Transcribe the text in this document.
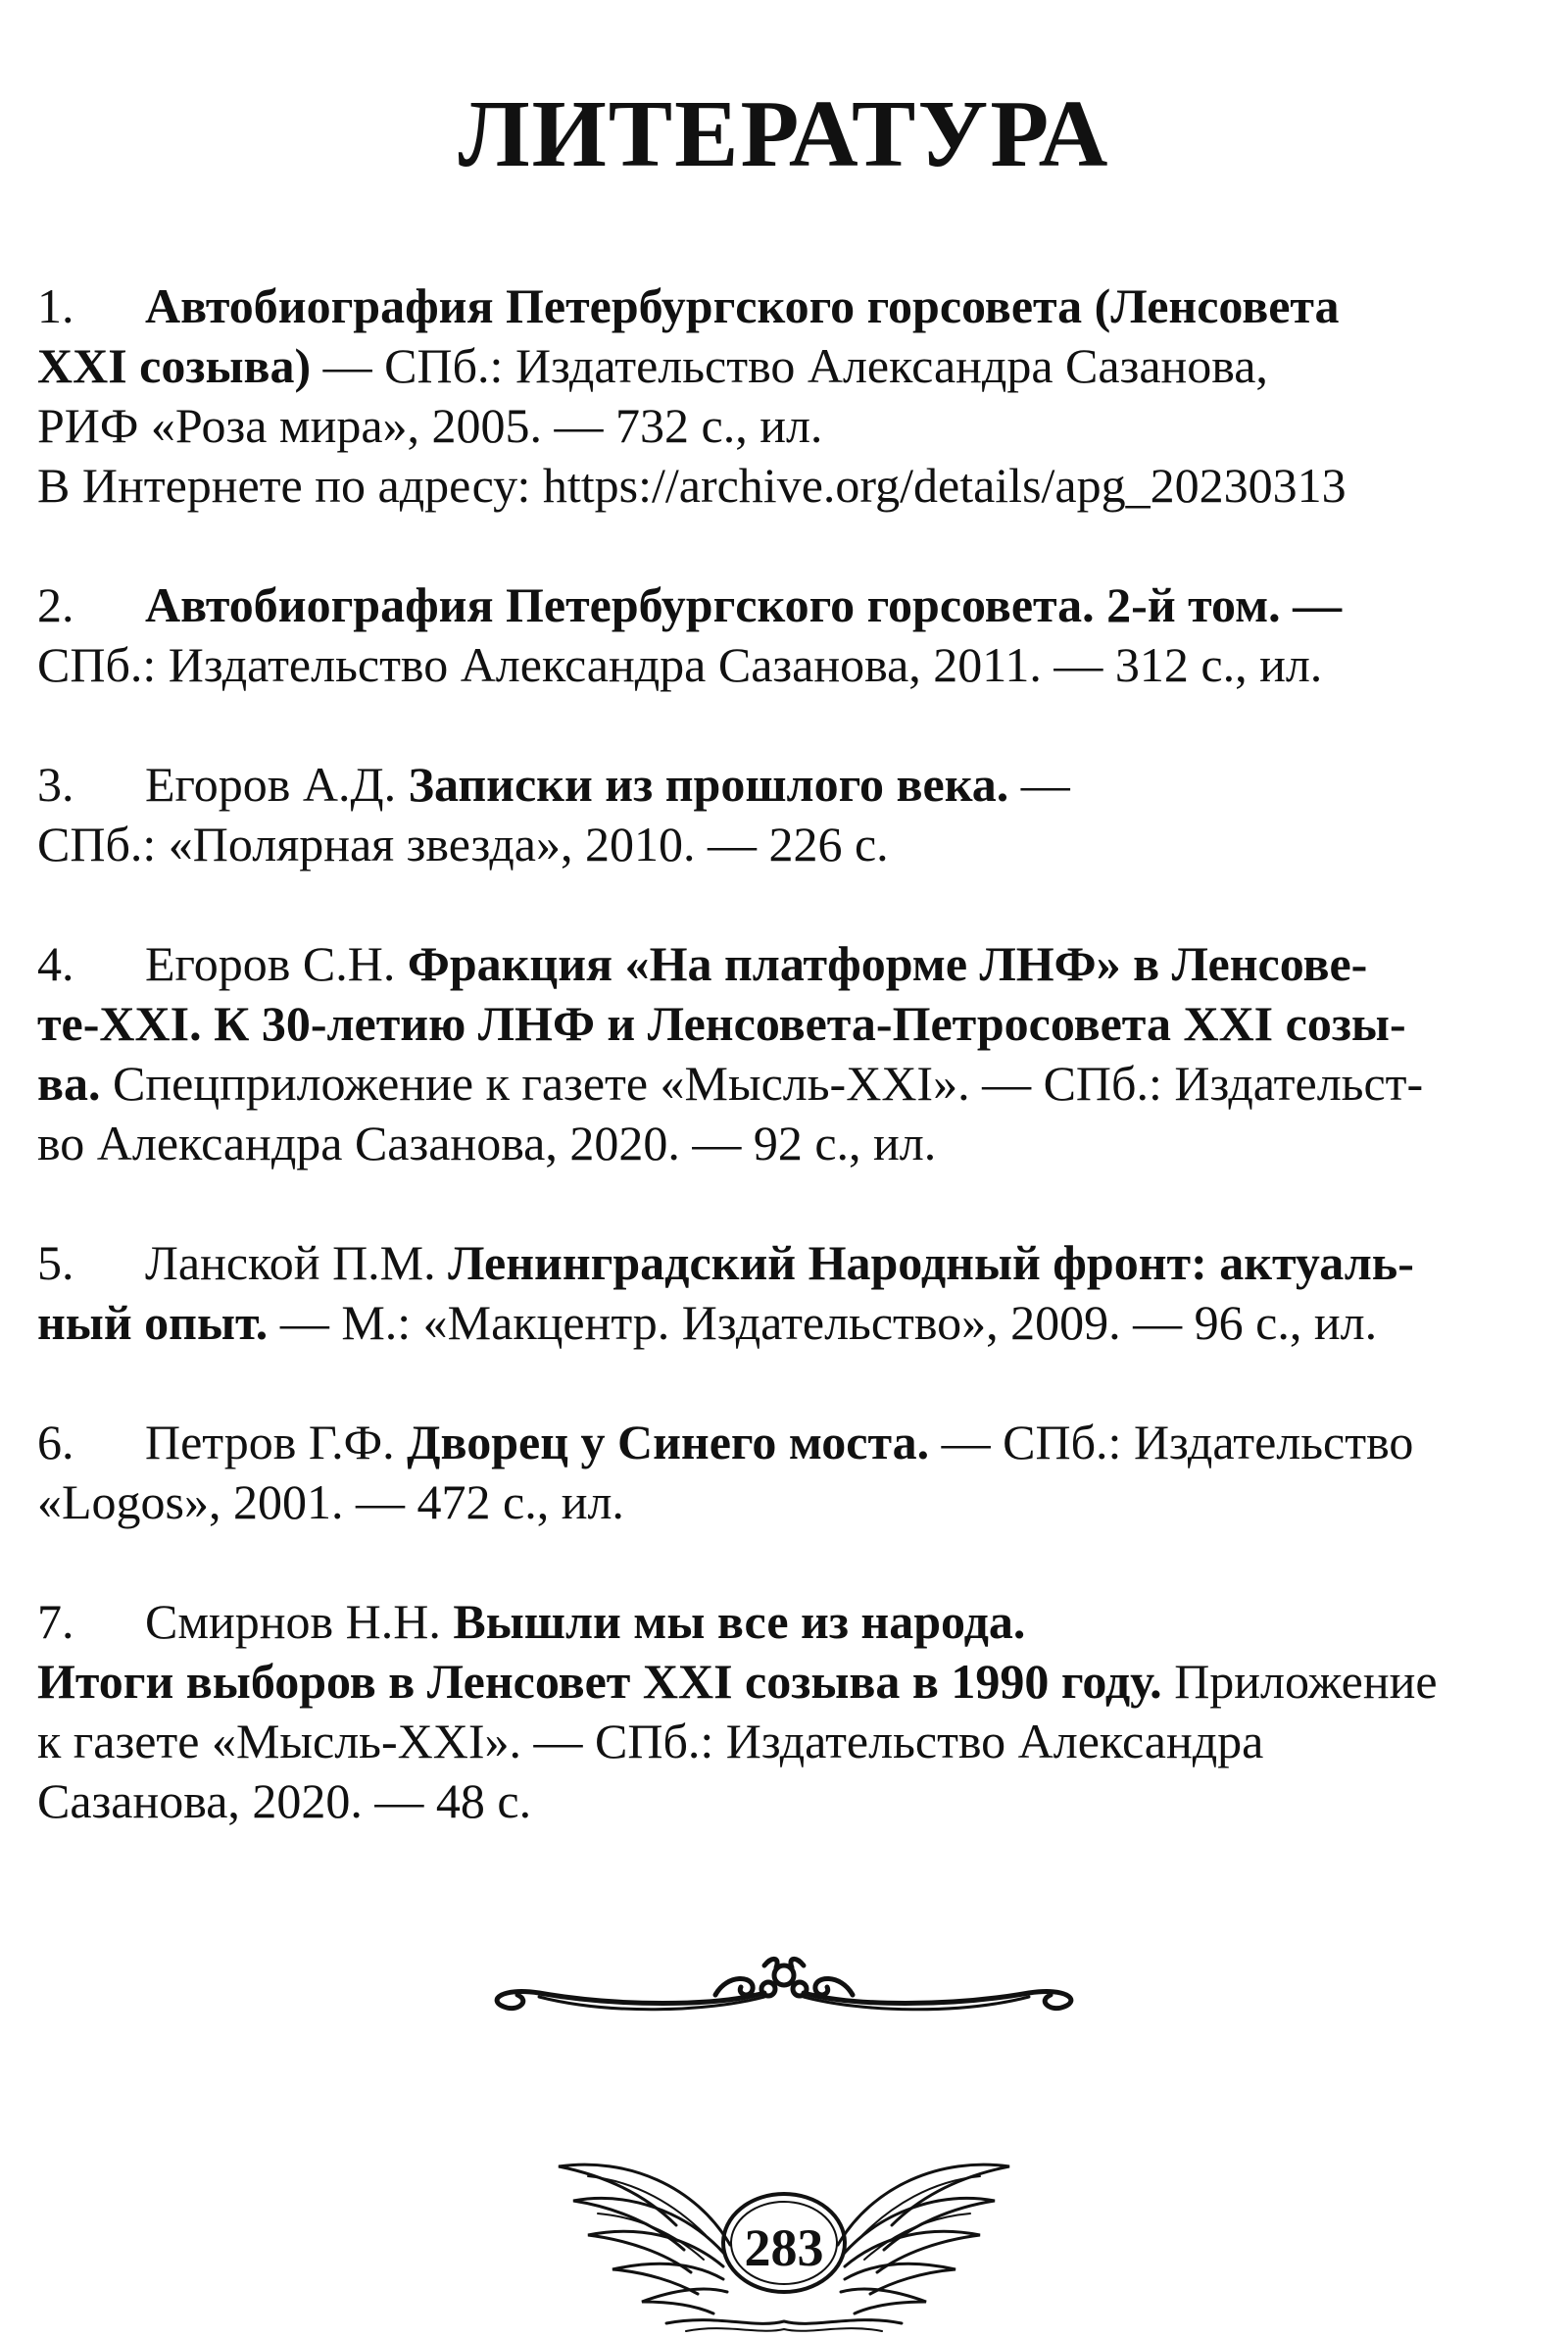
ЛИТЕРАТУРА

1. Автобиография Петербургского горсовета (Ленсовета

XXI созыва) — СПб.: Издательство Александра Сазанова,

РИФ «Роза мира», 2005. — 732 с., ил.

В Интернете по адресу: https://archive.org/details/apg_20230313

2. Автобиография Петербургского горсовета. 2-й том. —

СПб.: Издательство Александра Сазанова, 2011. — 312 с., ил.

3. Егоров А.Д. Записки из прошлого века. —

СПб.: «Полярная звезда», 2010. — 226 с.

4. Егоров С.Н. Фракция «На платформе ЛНФ» в Ленсове-

те-XXI. К 30-летию ЛНФ и Ленсовета-Петросовета XXI созы-

ва. Спецприложение к газете «Мысль-XXI». — СПб.: Издательст-

во Александра Сазанова, 2020. — 92 с., ил.

5. Ланской П.М. Ленинградский Народный фронт: актуаль-

ный опыт. — М.: «Макцентр. Издательство», 2009. — 96 с., ил.

6. Петров Г.Ф. Дворец у Синего моста. — СПб.: Издательство

«Logos», 2001. — 472 с., ил.

7. Смирнов Н.Н. Вышли мы все из народа.

Итоги выборов в Ленсовет XXI созыва в 1990 году. Приложение

к газете «Мысль-XXI». — СПб.: Издательство Александра

Сазанова, 2020. — 48 с.

283
